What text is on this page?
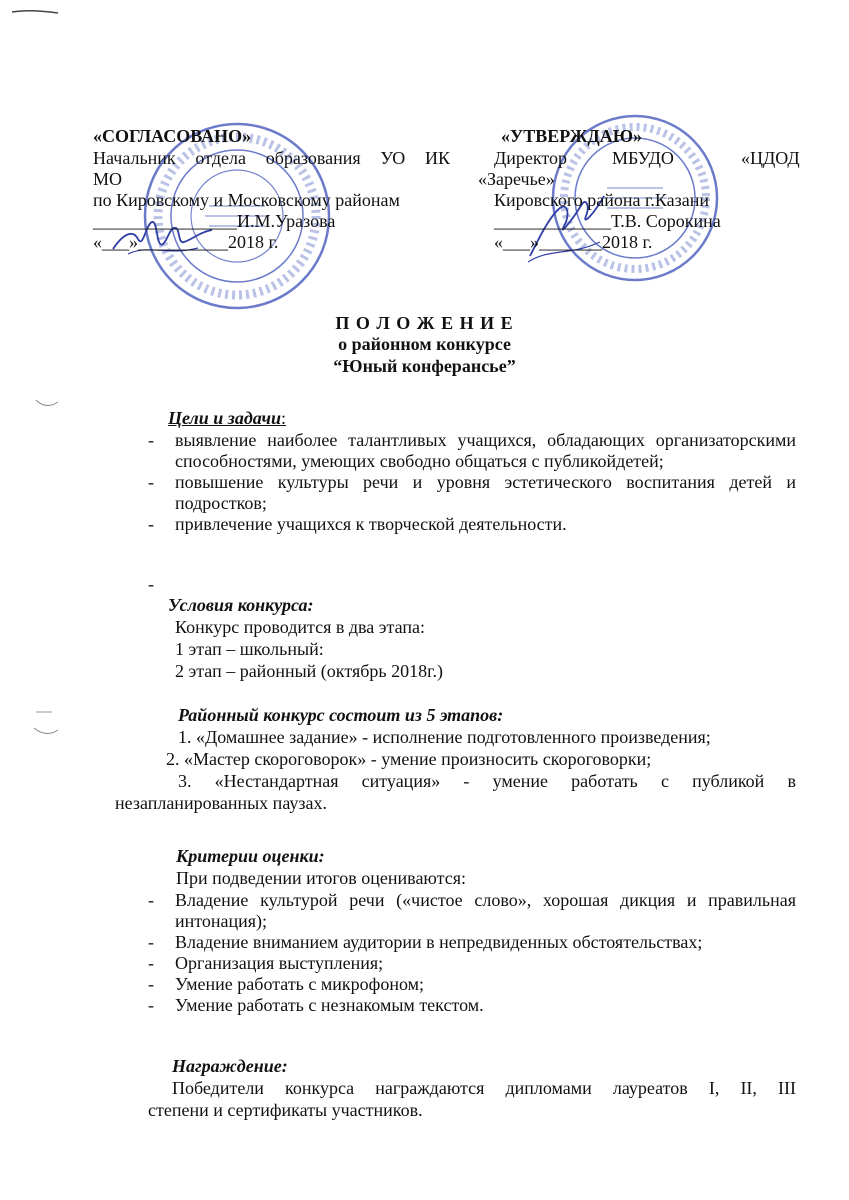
«СОГЛАСОВАНО»
Начальник отдела образования УО ИК
МО
по Кировскому и Московскому районам
________________И.М.Уразова
«___»__________2018 г.
«УТВЕРЖДАЮ»
Директор МБУДО	«ЦДОД
«Заречье»
Кировского района г.Казани
_____________Т.В. Сорокина
«___»_______2018 г.
П О Л О Ж Е Н И Е
о районном конкурсе
“Юный конферансье”
Цели и задачи:
- выявление наиболее талантливых учащихся, обладающих организаторскими способностями, умеющих свободно общаться с публикойдетей;
- повышение культуры речи и уровня эстетического воспитания детей и подростков;
- привлечение учащихся к творческой деятельности.
-
Условия конкурса:
Конкурс проводится в два этапа:
1 этап – школьный:
2 этап – районный (октябрь 2018г.)
Районный конкурс состоит из 5 этапов:
1. «Домашнее задание» - исполнение подготовленного произведения;
2. «Мастер скороговорок» - умение произносить скороговорки;
3. «Нестандартная ситуация» - умение работать с публикой в
незапланированных паузах.
Критерии оценки:
При подведении итогов оцениваются:
- Владение культурой речи («чистое слово», хорошая дикция и правильная интонация);
- Владение вниманием аудитории в непредвиденных обстоятельствах;
- Организация выступления;
- Умение работать с микрофоном;
- Умение работать с незнакомым текстом.
Награждение:
Победители конкурса награждаются дипломами лауреатов I, II, III
степени и сертификаты участников.
